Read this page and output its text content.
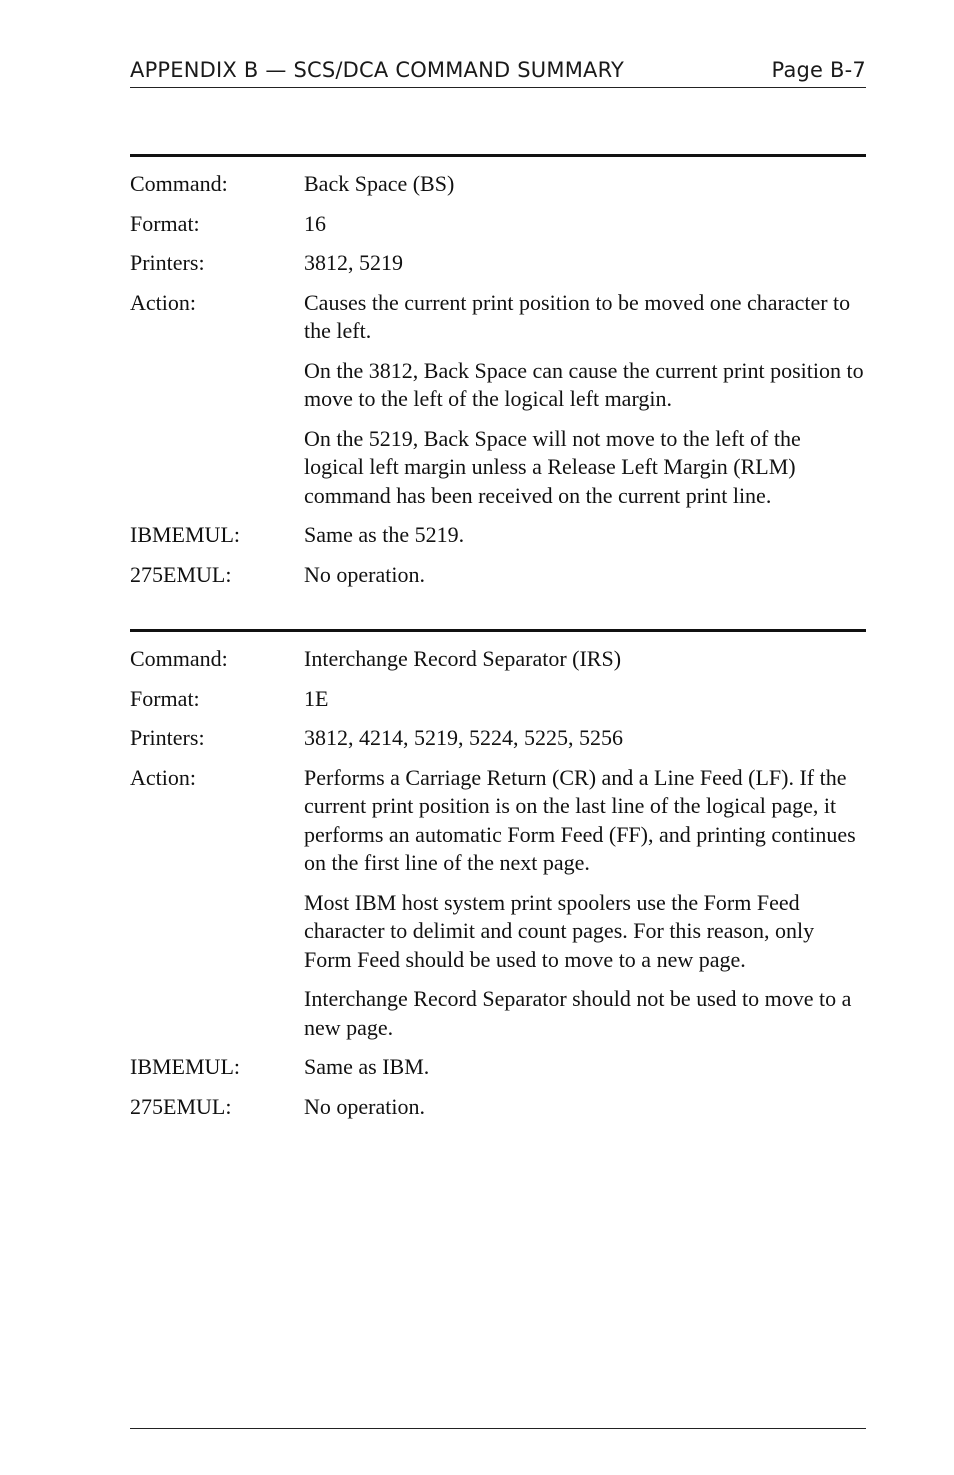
APPENDIX B — SCS/DCA COMMAND SUMMARY	Page B-7
Command:	Back Space (BS)
Format:	16
Printers:	3812, 5219
Action:	Causes the current print position to be moved one character to the left.
On the 3812, Back Space can cause the current print position to move to the left of the logical left margin.
On the 5219, Back Space will not move to the left of the logical left margin unless a Release Left Margin (RLM) command has been received on the current print line.
IBMEMUL:	Same as the 5219.
275EMUL:	No operation.
Command:	Interchange Record Separator (IRS)
Format:	1E
Printers:	3812, 4214, 5219, 5224, 5225, 5256
Action:	Performs a Carriage Return (CR) and a Line Feed (LF). If the current print position is on the last line of the logical page, it performs an automatic Form Feed (FF), and printing continues on the first line of the next page.
Most IBM host system print spoolers use the Form Feed character to delimit and count pages. For this reason, only Form Feed should be used to move to a new page.
Interchange Record Separator should not be used to move to a new page.
IBMEMUL:	Same as IBM.
275EMUL:	No operation.
